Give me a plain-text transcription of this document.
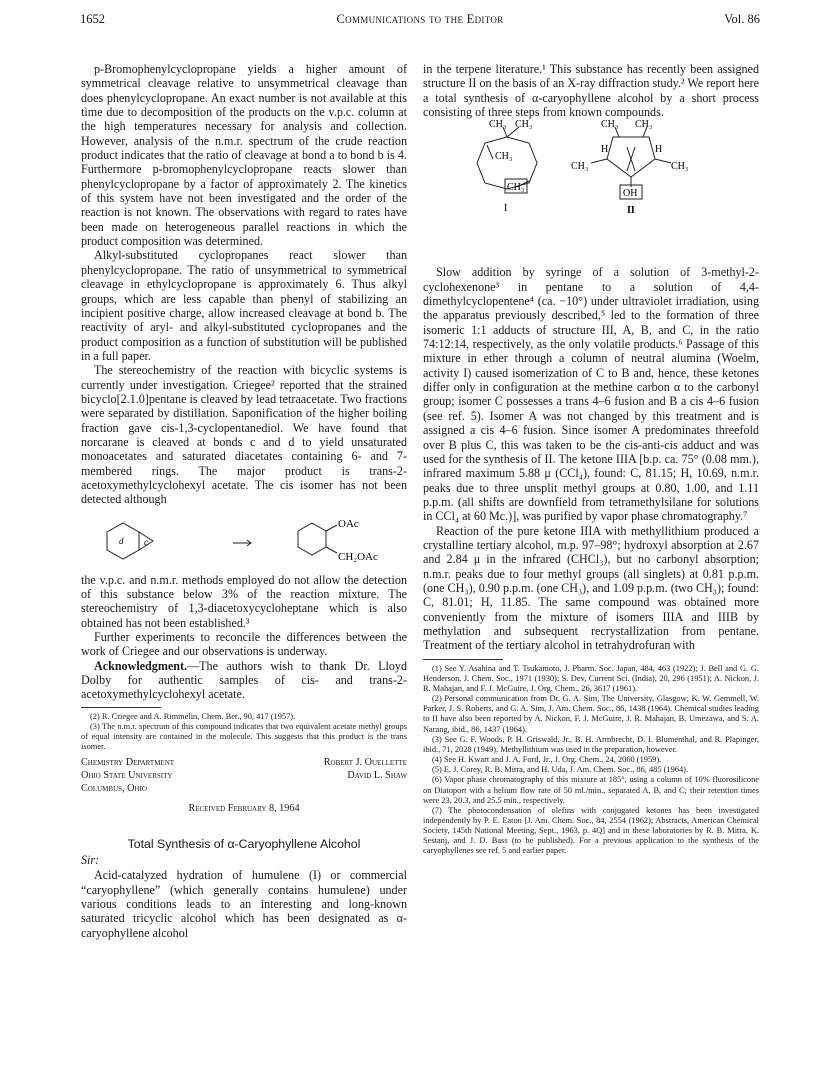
1652	Communications to the Editor	Vol. 86

p-Bromophenylcyclopropane yields a higher amount of symmetrical cleavage relative to unsymmetrical cleavage than does phenylcyclopropane. An exact number is not available at this time due to decomposition of the products on the v.p.c. column at the high temperatures necessary for analysis and collection. However, analysis of the n.m.r. spectrum of the crude reaction product indicates that the ratio of cleavage at bond a to bond b is 4. Furthermore p-bromophenylcyclopropane reacts slower than phenylcyclopropane by a factor of approximately 2. The kinetics of this system have not been investigated and the order of the reaction is not known. The observations with regard to rates have been made on heterogeneous parallel reactions in which the product composition was determined.

Alkyl-substituted cyclopropanes react slower than phenylcyclopropane. The ratio of unsymmetrical to symmetrical cleavage in ethylcyclopropane is approximately 6. Thus alkyl groups, which are less capable than phenyl of stabilizing an incipient positive charge, allow increased cleavage at bond b. The reactivity of aryl- and alkyl-substituted cyclopropanes and the product composition as a function of substitution will be published in a full paper.

The stereochemistry of the reaction with bicyclic systems is currently under investigation. Criegee² reported that the strained bicyclo[2.1.0]pentane is cleaved by lead tetraacetate. Two fractions were separated by distillation. Saponification of the higher boiling fraction gave cis-1,3-cyclopentanediol. We have found that norcarane is cleaved at bonds c and d to yield unsaturated monoacetates and saturated diacetates containing 6- and 7-membered rings. The major product is trans-2-acetoxymethylcyclohexyl acetate. The cis isomer has not been detected although

c
d
OAc
CH₂OAc

the v.p.c. and n.m.r. methods employed do not allow the detection of this substance below 3% of the reaction mixture. The stereochemistry of 1,3-diacetoxycycloheptane which is also obtained has not been established.³

Further experiments to reconcile the differences between the work of Criegee and our observations is underway.

Acknowledgment.—The authors wish to thank Dr. Lloyd Dolby for authentic samples of cis- and trans-2-acetoxymethylcyclohexyl acetate.

(2) R. Criegee and A. Rimmelin, Chem. Ber., 90, 417 (1957).

(3) The n.m.r. spectrum of this compound indicates that two equivalent acetate methyl groups of equal intensity are contained in the molecule. This suggests that this product is the trans isomer.

Chemistry Department
Ohio State University
Columbus, Ohio
Robert J. Ouellette
David L. Shaw
Received February 8, 1964
Total Synthesis of α-Caryophyllene Alcohol
Sir:

Acid-catalyzed hydration of humulene (I) or commercial “caryophyllene” (which generally contains humulene) under various conditions leads to an interesting and long-known saturated tricyclic alcohol which has been designated as α-caryophyllene alcohol

in the terpene literature.¹ This substance has recently been assigned structure II on the basis of an X-ray diffraction study.² We report here a total synthesis of α-caryophyllene alcohol by a short process consisting of three steps from known compounds.

CH₃ CH₃
CH₃
CH₃
I
CH₃ CH₃
H	H
CH₃	CH₃
OH
II

Slow addition by syringe of a solution of 3-methyl-2-cyclohexenone³ in pentane to a solution of 4,4-dimethylcyclopentene⁴ (ca. −10°) under ultraviolet irradiation, using the apparatus previously described,⁵ led to the formation of three isomeric 1:1 adducts of structure III, A, B, and C, in the ratio 74:12:14, respectively, as the only volatile products.⁶ Passage of this mixture in ether through a column of neutral alumina (Woelm, activity I) caused isomerization of C to B and, hence, these ketones differ only in configuration at the methine carbon α to the carbonyl group; isomer C possesses a trans 4–6 fusion and B a cis 4–6 fusion (see ref. 5). Isomer A was not changed by this treatment and is assigned a cis 4–6 fusion. Since isomer A predominates threefold over B plus C, this was taken to be the cis-anti-cis adduct and was used for the synthesis of II. The ketone IIIA [b.p. ca. 75° (0.08 mm.), infrared maximum 5.88 μ (CCl₄), found: C, 81.15; H, 10.69, n.m.r. peaks due to three unsplit methyl groups at 0.80, 1.00, and 1.11 p.p.m. (all shifts are downfield from tetramethylsilane for solutions in CCl₄ at 60 Mc.)], was purified by vapor phase chromatography.⁷

Reaction of the pure ketone IIIA with methyllithium produced a crystalline tertiary alcohol, m.p. 97–98°; hydroxyl absorption at 2.67 and 2.84 μ in the infrared (CHCl₃), but no carbonyl absorption; n.m.r. peaks due to four methyl groups (all singlets) at 0.81 p.p.m. (one CH₃), 0.90 p.p.m. (one CH₃), and 1.09 p.p.m. (two CH₃); found: C, 81.01; H, 11.85. The same compound was obtained more conveniently from the mixture of isomers IIIA and IIIB by methylation and subsequent recrystallization from pentane. Treatment of the tertiary alcohol in tetrahydrofuran with

(1) See Y. Asahina and T. Tsukamoto, J. Pharm. Soc. Japan, 484, 463 (1922); J. Bell and G. G. Henderson, J. Chem. Soc., 1971 (1930); S. Dev, Current Sci. (India), 20, 296 (1951); A. Nickon, J. R. Mahajan, and F. J. McGuire, J. Org. Chem., 26, 3617 (1961).

(2) Personal communication from Dr. G. A. Sim, The University, Glasgow; K. W. Gemmell, W. Parker, J. S. Roberts, and G. A. Sim, J. Am. Chem. Soc., 86, 1438 (1964). Chemical studies leading to II have also been reported by A. Nickon, F. J. McGuire, J. R. Mahajan, B. Umezawa, and S. A. Narang, ibid., 86, 1437 (1964).

(3) See G. F. Woods, P. H. Griswald, Jr., B. H. Armbrecht, D. I. Blumenthal, and R. Plapinger, ibid., 71, 2028 (1949). Methyllithium was used in the preparation, however.

(4) See H. Kwart and J. A. Ford, Jr., J. Org. Chem., 24, 2060 (1959).

(5) E. J. Corey, R. B. Mitra, and H. Uda, J. Am. Chem. Soc., 86, 485 (1964).

(6) Vapor phase chromatography of this mixture at 185°, using a column of 10% fluorosilicone on Diatoport with a helium flow rate of 50 ml./min., separated A, B, and C; their retention times were 23, 20.3, and 25.5 min., respectively.

(7) The photocondensation of olefins with conjugated ketones has been investigated independently by P. E. Eaton [J. Am. Chem. Soc., 84, 2554 (1962); Abstracts, American Chemical Society, 145th National Meeting, Sept., 1963, p. 4Q] and in these laboratories by R. B. Mitra, K. Sestanj, and J. D. Bass (to be published). For a previous application to the synthesis of the caryophyllenes see ref. 5 and earlier paper.
